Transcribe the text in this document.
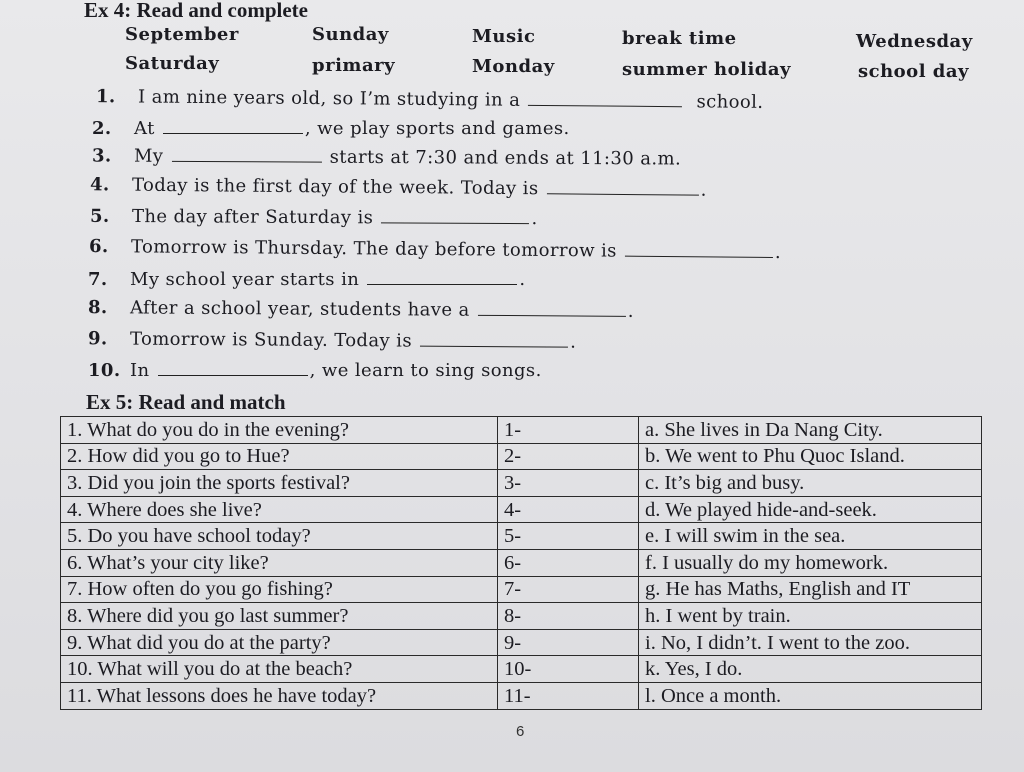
Ex 4: Read and complete
September	Sunday	Music	break time	Wednesday
Saturday	primary	Monday	summer holiday	school day
1. I am nine years old, so I’m studying in a	school.
2. At	, we play sports and games.
3. My	starts at 7:30 and ends at 11:30 a.m.
4. Today is the first day of the week. Today is	.
5. The day after Saturday is	.
6. Tomorrow is Thursday. The day before tomorrow is	.
7. My school year starts in	.
8. After a school year, students have a	.
9. Tomorrow is Sunday. Today is	.
10. In	, we learn to sing songs.
Ex 5: Read and match
1. What do you do in the evening?	1-	a. She lives in Da Nang City.
2. How did you go to Hue?	2-	b. We went to Phu Quoc Island.
3. Did you join the sports festival?	3-	c. It’s big and busy.
4. Where does she live?	4-	d. We played hide-and-seek.
5. Do you have school today?	5-	e. I will swim in the sea.
6. What’s your city like?	6-	f. I usually do my homework.
7. How often do you go fishing?	7-	g. He has Maths, English and IT
8. Where did you go last summer?	8-	h. I went by train.
9. What did you do at the party?	9-	i. No, I didn’t. I went to the zoo.
10. What will you do at the beach?	10-	k. Yes, I do.
11. What lessons does he have today?	11-	l. Once a month.
6
